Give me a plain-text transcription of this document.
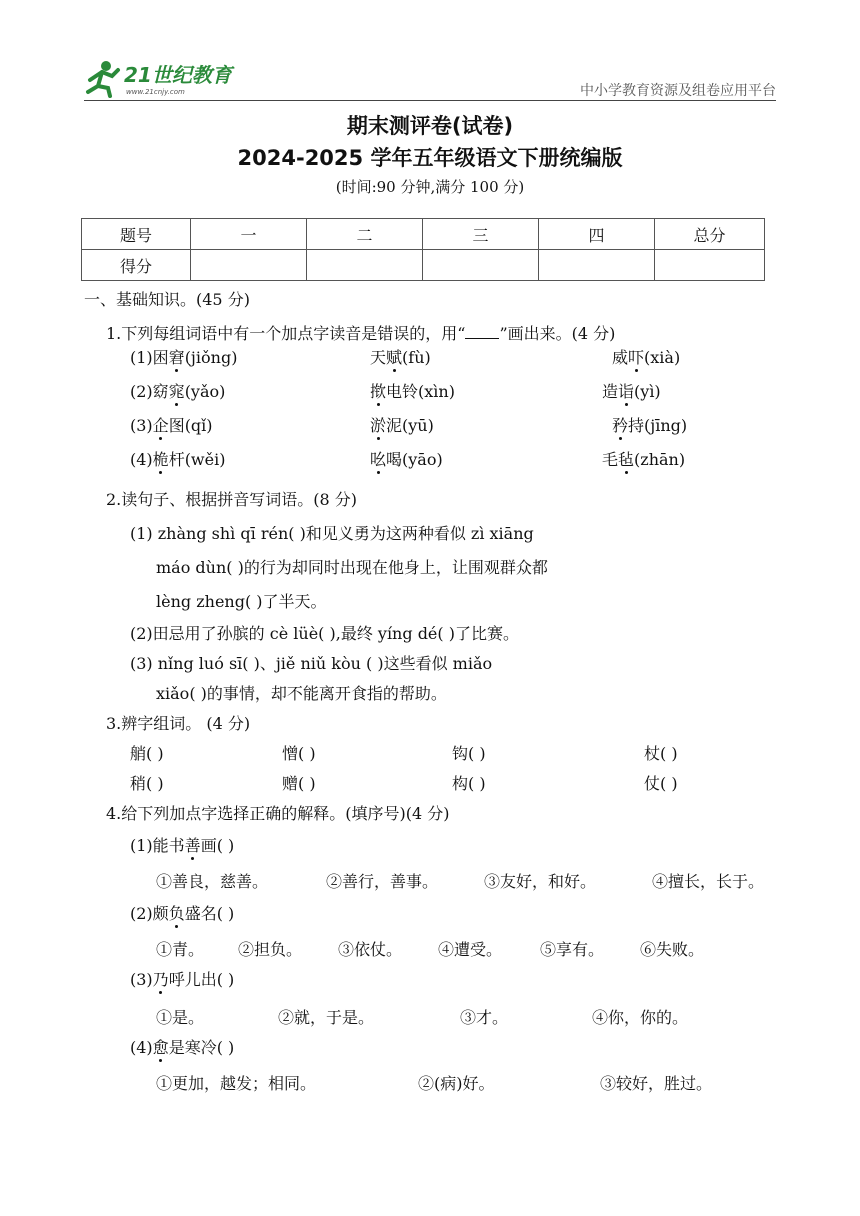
21世纪教育
www.21cnjy.com	中小学教育资源及组卷应用平台
期末测评卷(试卷)
2024-2025 学年五年级语文下册统编版
(时间:90 分钟,满分 100 分)
题号	一	二	三	四	总分
得分					
一、基础知识。(45 分)
1.下列每组词语中有一个加点字读音是错误的，用“ ”画出来。(4 分)
(1)困窘(jiǒng)	天赋(fù)	威吓(xià)
(2)窈窕(yǎo)	揿电铃(xìn)	造诣(yì)
(3)企图(qǐ)	淤泥(yū)	矜持(jīng)
(4)桅杆(wěi)	吆喝(yāo)	毛毡(zhān)
2.读句子、根据拼音写词语。(8 分)
(1) zhàng shì qī rén( )和见义勇为这两种看似 zì xiāng
máo dùn( )的行为却同时出现在他身上，让围观群众都
lèng zheng( )了半天。
(2)田忌用了孙膑的 cè lüè( ),最终 yíng dé( )了比赛。
(3) nǐng luó sī( )、jiě niǔ kòu ( )这些看似 miǎo
xiǎo( )的事情，却不能离开食指的帮助。
3.辨字组词。 (4 分)
艄( )	憎( )	钩( )	杖( )
稍( )	赠( )	构( )	仗( )
4.给下列加点字选择正确的解释。(填序号)(4 分)
(1)能书善画( )
①善良，慈善。	②善行，善事。	③友好，和好。	④擅长，长于。
(2)颇负盛名( )
①青。 ②担负。 ③依仗。 ④遭受。 ⑤享有。 ⑥失败。
(3)乃呼儿出( )
①是。	②就，于是。	③才。	④你，你的。
(4)愈是寒冷( )
①更加，越发；相同。	②(病)好。	③较好，胜过。
